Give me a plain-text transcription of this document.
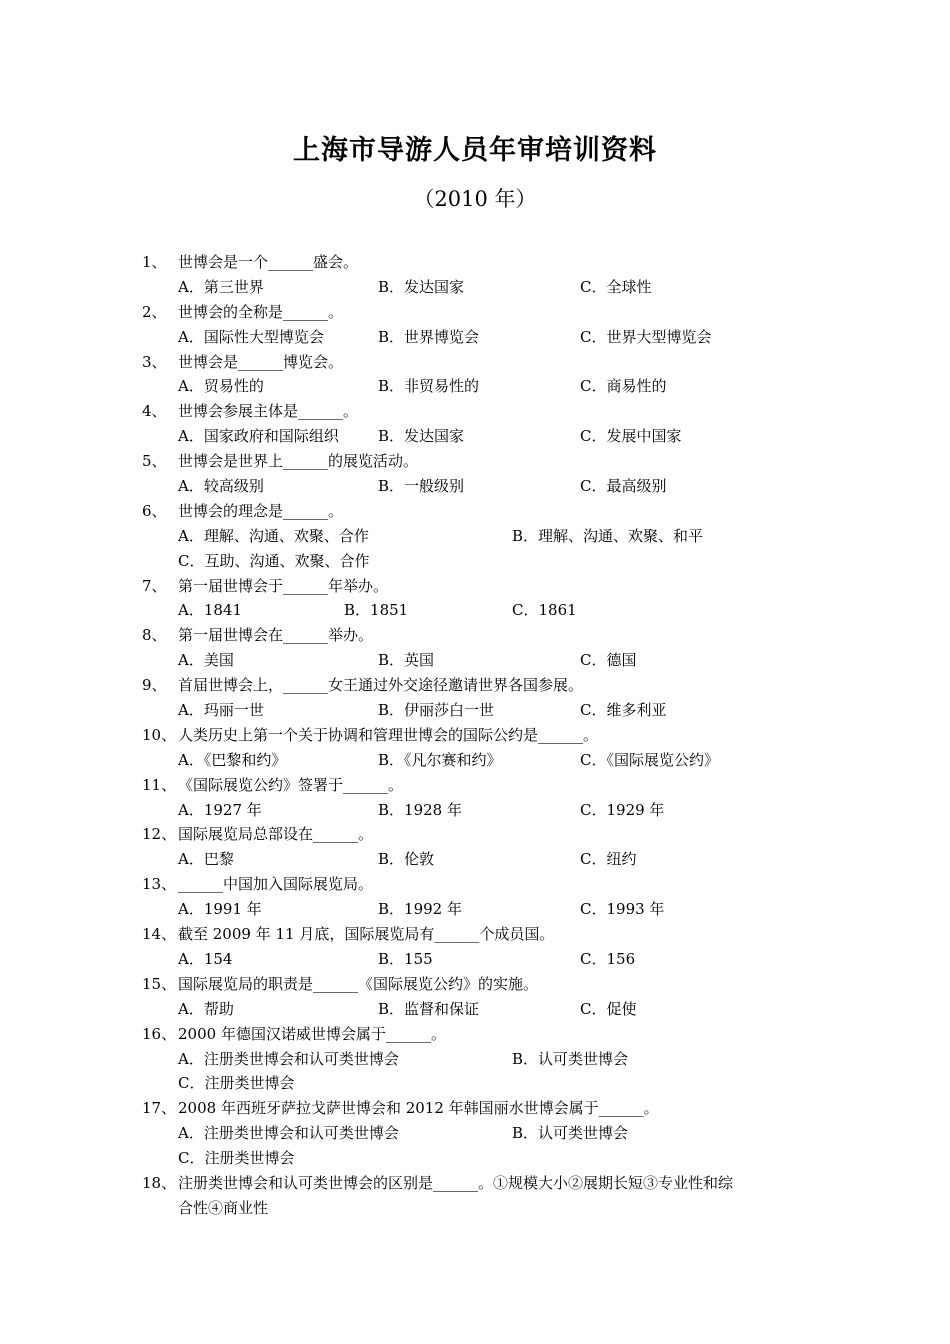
上海市导游人员年审培训资料
（2010 年）
1、 世博会是一个______盛会。
A．第三世界	B．发达国家	C．全球性
2、 世博会的全称是______。
A．国际性大型博览会	B．世界博览会	C．世界大型博览会
3、 世博会是______博览会。
A．贸易性的	B．非贸易性的	C．商易性的
4、 世博会参展主体是______。
A．国家政府和国际组织	B．发达国家	C．发展中国家
5、 世博会是世界上______的展览活动。
A．较高级别	B．一般级别	C．最高级别
6、 世博会的理念是______。
A．理解、沟通、欢聚、合作	B．理解、沟通、欢聚、和平
C．互助、沟通、欢聚、合作
7、 第一届世博会于______年举办。
A．1841	B．1851	C．1861
8、 第一届世博会在______举办。
A．美国	B．英国	C．德国
9、 首届世博会上，______女王通过外交途径邀请世界各国参展。
A．玛丽一世	B．伊丽莎白一世	C．维多利亚
10、 人类历史上第一个关于协调和管理世博会的国际公约是______。
A．《巴黎和约》	B．《凡尔赛和约》	C．《国际展览公约》
11、 《国际展览公约》签署于______。
A．1927 年	B．1928 年	C．1929 年
12、 国际展览局总部设在______。
A．巴黎	B．伦敦	C．纽约
13、 ______中国加入国际展览局。
A．1991 年	B．1992 年	C．1993 年
14、 截至 2009 年 11 月底，国际展览局有______个成员国。
A．154	B．155	C．156
15、 国际展览局的职责是______《国际展览公约》的实施。
A．帮助	B．监督和保证	C．促使
16、 2000 年德国汉诺威世博会属于______。
A．注册类世博会和认可类世博会	B．认可类世博会
C．注册类世博会
17、 2008 年西班牙萨拉戈萨世博会和 2012 年韩国丽水世博会属于______。
A．注册类世博会和认可类世博会	B．认可类世博会
C．注册类世博会
18、 注册类世博会和认可类世博会的区别是______。①规模大小②展期长短③专业性和综
合性④商业性
